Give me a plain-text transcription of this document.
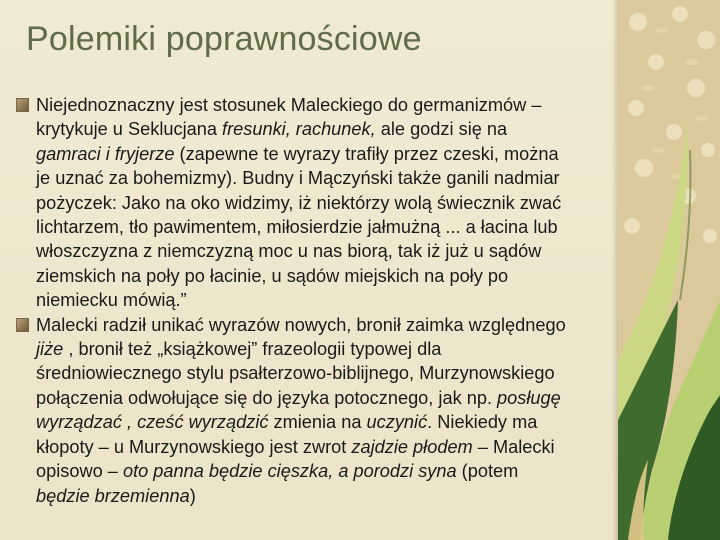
Polemiki poprawnościowe
Niejednoznaczny jest stosunek Maleckiego do germanizmów –
krytykuje u Seklucjana fresunki, rachunek, ale godzi się na
gamraci i fryjerze (zapewne te wyrazy trafiły przez czeski, można
je uznać za bohemizmy). Budny i Mączyński także ganili nadmiar
pożyczek: Jako na oko widzimy, iż niektórzy wolą świecznik zwać
lichtarzem, tło pawimentem, miłosierdzie jałmużną ... a łacina lub
włoszczyzna z niemczyzną moc u nas biorą, tak iż już u sądów
ziemskich na poły po łacinie, u sądów miejskich na poły po
niemiecku mówią.”
Malecki radził unikać wyrazów nowych, bronił zaimka względnego
jiże , bronił też „książkowej” frazeologii typowej dla
średniowiecznego stylu psałterzowo-biblijnego, Murzynowskiego
połączenia odwołujące się do języka potocznego, jak np. posługę
wyrządzać , cześć wyrządzić zmienia na uczynić. Niekiedy ma
kłopoty – u Murzynowskiego jest zwrot zajdzie płodem – Malecki
opisowo – oto panna będzie cięszka, a porodzi syna (potem
będzie brzemienna)
